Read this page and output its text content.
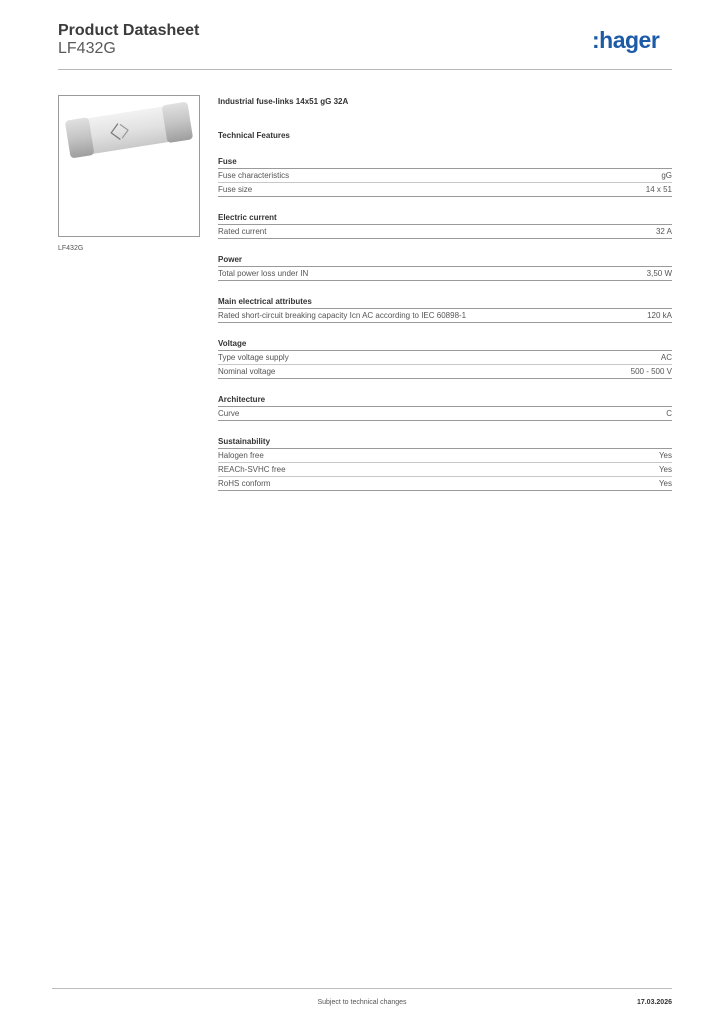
Product Datasheet
LF432G	:hager
LF432G
Industrial fuse-links 14x51 gG 32A
Technical Features
Fuse
Fuse characteristics	gG
Fuse size	14 x 51
Electric current
Rated current	32 A
Power
Total power loss under IN	3,50 W
Main electrical attributes
Rated short-circuit breaking capacity Icn AC according to IEC 60898-1	120 kA
Voltage
Type voltage supply	AC
Nominal voltage	500 - 500 V
Architecture
Curve	C
Sustainability
Halogen free	Yes
REACh-SVHC free	Yes
RoHS conform	Yes
Subject to technical changes	17.03.2026
